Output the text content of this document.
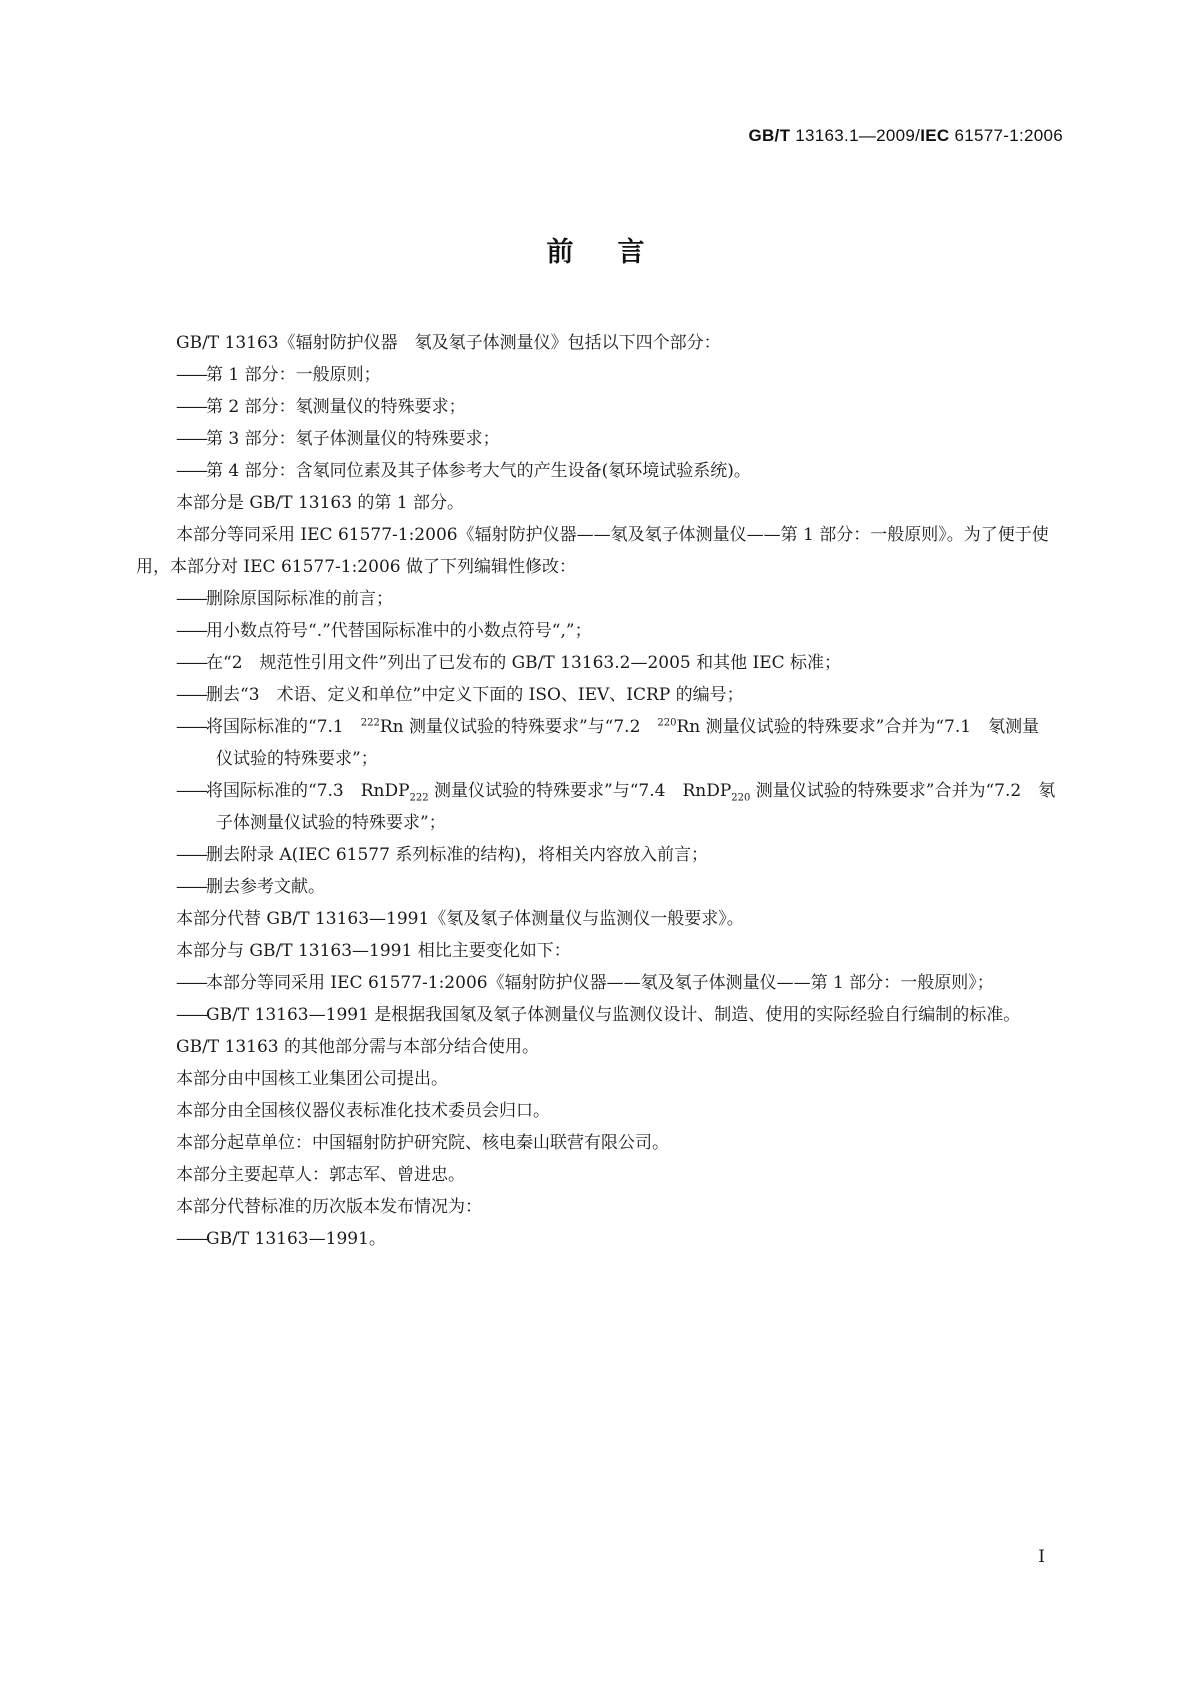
GB/T 13163.1—2009/IEC 61577-1:2006
前言

GB/T 13163《辐射防护仪器　氡及氡子体测量仪》包括以下四个部分：

——第 1 部分：一般原则；

——第 2 部分：氡测量仪的特殊要求；

——第 3 部分：氡子体测量仪的特殊要求；

——第 4 部分：含氡同位素及其子体参考大气的产生设备(氡环境试验系统)。

本部分是 GB/T 13163 的第 1 部分。

本部分等同采用 IEC 61577-1:2006《辐射防护仪器——氡及氡子体测量仪——第 1 部分：一般原则》。为了便于使用，本部分对 IEC 61577-1:2006 做了下列编辑性修改：

——删除原国际标准的前言；

——用小数点符号“.”代替国际标准中的小数点符号“,”；

——在“2　规范性引用文件”列出了已发布的 GB/T 13163.2—2005 和其他 IEC 标准；

——删去“3　术语、定义和单位”中定义下面的 ISO、IEV、ICRP 的编号；

——将国际标准的“7.1　$^{222}$Rn 测量仪试验的特殊要求”与“7.2　$^{220}$Rn 测量仪试验的特殊要求”合并为“7.1　氡测量仪试验的特殊要求”；

——将国际标准的“7.3　RnDP$_{222}$ 测量仪试验的特殊要求”与“7.4　RnDP$_{220}$ 测量仪试验的特殊要求”合并为“7.2　氡子体测量仪试验的特殊要求”；

——删去附录 A(IEC 61577 系列标准的结构)，将相关内容放入前言；

——删去参考文献。

本部分代替 GB/T 13163—1991《氡及氡子体测量仪与监测仪一般要求》。

本部分与 GB/T 13163—1991 相比主要变化如下：

——本部分等同采用 IEC 61577-1:2006《辐射防护仪器——氡及氡子体测量仪——第 1 部分：一般原则》；

——GB/T 13163—1991 是根据我国氡及氡子体测量仪与监测仪设计、制造、使用的实际经验自行编制的标准。

GB/T 13163 的其他部分需与本部分结合使用。

本部分由中国核工业集团公司提出。

本部分由全国核仪器仪表标准化技术委员会归口。

本部分起草单位：中国辐射防护研究院、核电秦山联营有限公司。

本部分主要起草人：郭志军、曾进忠。

本部分代替标准的历次版本发布情况为：

——GB/T 13163—1991。

I
